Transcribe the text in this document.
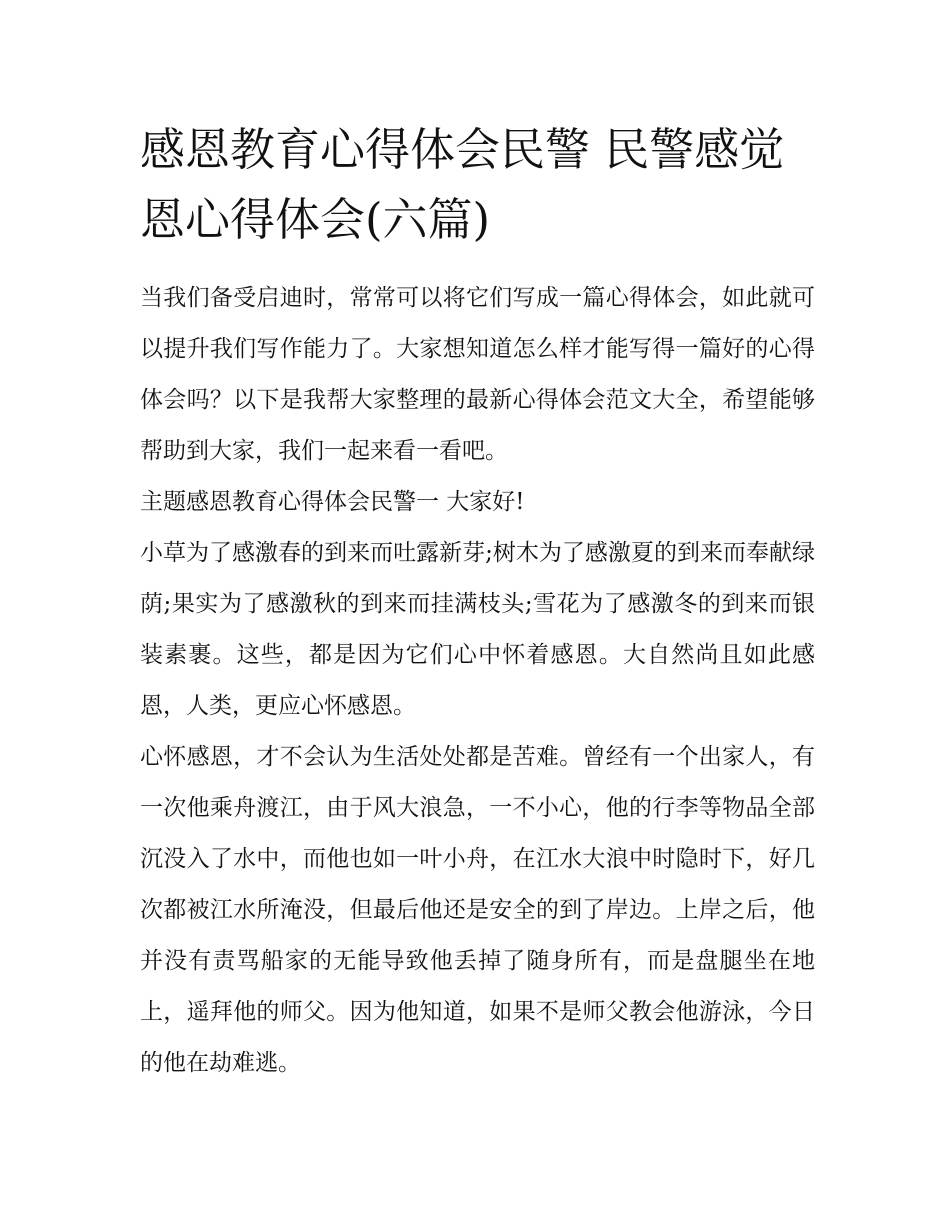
感恩教育心得体会民警 民警感觉恩心得体会(六篇)

当我们备受启迪时，常常可以将它们写成一篇心得体会，如此就可以提升我们写作能力了。大家想知道怎么样才能写得一篇好的心得体会吗？以下是我帮大家整理的最新心得体会范文大全，希望能够帮助到大家，我们一起来看一看吧。

主题感恩教育心得体会民警一 大家好!

小草为了感激春的到来而吐露新芽;树木为了感激夏的到来而奉献绿荫;果实为了感激秋的到来而挂满枝头;雪花为了感激冬的到来而银装素裹。这些，都是因为它们心中怀着感恩。大自然尚且如此感恩，人类，更应心怀感恩。

心怀感恩，才不会认为生活处处都是苦难。曾经有一个出家人，有一次他乘舟渡江，由于风大浪急，一不小心，他的行李等物品全部沉没入了水中，而他也如一叶小舟，在江水大浪中时隐时下，好几次都被江水所淹没，但最后他还是安全的到了岸边。上岸之后，他并没有责骂船家的无能导致他丢掉了随身所有，而是盘腿坐在地上，遥拜他的师父。因为他知道，如果不是师父教会他游泳，今日的他在劫难逃。
